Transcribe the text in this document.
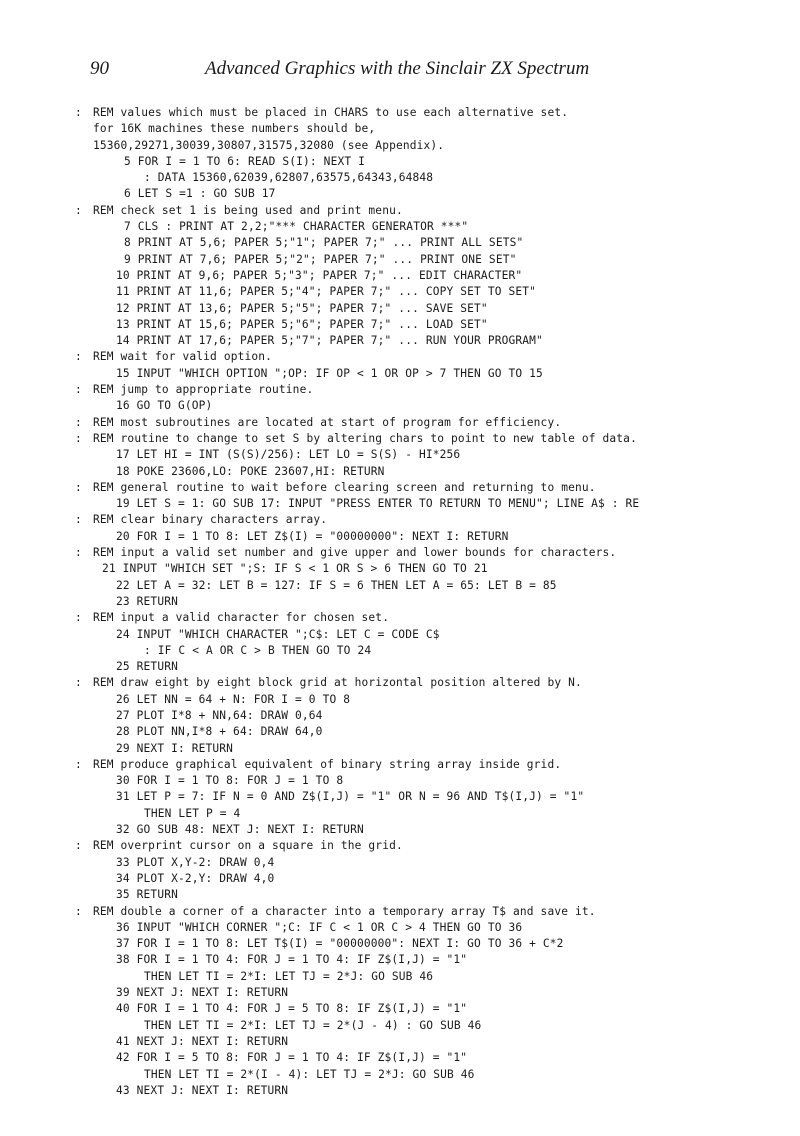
90	Advanced Graphics with the Sinclair ZX Spectrum
: REM values which must be placed in CHARS to use each alternative set.
for 16K machines these numbers should be,
15360,29271,30039,30807,31575,32080 (see Appendix).
5 FOR I = 1 TO 6: READ S(I): NEXT I
: DATA 15360,62039,62807,63575,64343,64848
6 LET S =1 : GO SUB 17
: REM check set 1 is being used and print menu.
7 CLS : PRINT AT 2,2;"*** CHARACTER GENERATOR ***"
8 PRINT AT 5,6; PAPER 5;"1"; PAPER 7;" ... PRINT ALL SETS"
9 PRINT AT 7,6; PAPER 5;"2"; PAPER 7;" ... PRINT ONE SET"
10 PRINT AT 9,6; PAPER 5;"3"; PAPER 7;" ... EDIT CHARACTER"
11 PRINT AT 11,6; PAPER 5;"4"; PAPER 7;" ... COPY SET TO SET"
12 PRINT AT 13,6; PAPER 5;"5"; PAPER 7;" ... SAVE SET"
13 PRINT AT 15,6; PAPER 5;"6"; PAPER 7;" ... LOAD SET"
14 PRINT AT 17,6; PAPER 5;"7"; PAPER 7;" ... RUN YOUR PROGRAM"
: REM wait for valid option.
15 INPUT "WHICH OPTION ";OP: IF OP < 1 OR OP > 7 THEN GO TO 15
: REM jump to appropriate routine.
16 GO TO G(OP)
: REM most subroutines are located at start of program for efficiency.
: REM routine to change to set S by altering chars to point to new table of data.
17 LET HI = INT (S(S)/256): LET LO = S(S) - HI*256
18 POKE 23606,LO: POKE 23607,HI: RETURN
: REM general routine to wait before clearing screen and returning to menu.
19 LET S = 1: GO SUB 17: INPUT "PRESS ENTER TO RETURN TO MENU"; LINE A$ : RE
: REM clear binary characters array.
20 FOR I = 1 TO 8: LET Z$(I) = "00000000": NEXT I: RETURN
: REM input a valid set number and give upper and lower bounds for characters.
21 INPUT "WHICH SET ";S: IF S < 1 OR S > 6 THEN GO TO 21
22 LET A = 32: LET B = 127: IF S = 6 THEN LET A = 65: LET B = 85
23 RETURN
: REM input a valid character for chosen set.
24 INPUT "WHICH CHARACTER ";C$: LET C = CODE C$
: IF C < A OR C > B THEN GO TO 24
25 RETURN
: REM draw eight by eight block grid at horizontal position altered by N.
26 LET NN = 64 + N: FOR I = 0 TO 8
27 PLOT I*8 + NN,64: DRAW 0,64
28 PLOT NN,I*8 + 64: DRAW 64,0
29 NEXT I: RETURN
: REM produce graphical equivalent of binary string array inside grid.
30 FOR I = 1 TO 8: FOR J = 1 TO 8
31 LET P = 7: IF N = 0 AND Z$(I,J) = "1" OR N = 96 AND T$(I,J) = "1"
THEN LET P = 4
32 GO SUB 48: NEXT J: NEXT I: RETURN
: REM overprint cursor on a square in the grid.
33 PLOT X,Y-2: DRAW 0,4
34 PLOT X-2,Y: DRAW 4,0
35 RETURN
: REM double a corner of a character into a temporary array T$ and save it.
36 INPUT "WHICH CORNER ";C: IF C < 1 OR C > 4 THEN GO TO 36
37 FOR I = 1 TO 8: LET T$(I) = "00000000": NEXT I: GO TO 36 + C*2
38 FOR I = 1 TO 4: FOR J = 1 TO 4: IF Z$(I,J) = "1"
THEN LET TI = 2*I: LET TJ = 2*J: GO SUB 46
39 NEXT J: NEXT I: RETURN
40 FOR I = 1 TO 4: FOR J = 5 TO 8: IF Z$(I,J) = "1"
THEN LET TI = 2*I: LET TJ = 2*(J - 4) : GO SUB 46
41 NEXT J: NEXT I: RETURN
42 FOR I = 5 TO 8: FOR J = 1 TO 4: IF Z$(I,J) = "1"
THEN LET TI = 2*(I - 4): LET TJ = 2*J: GO SUB 46
43 NEXT J: NEXT I: RETURN
